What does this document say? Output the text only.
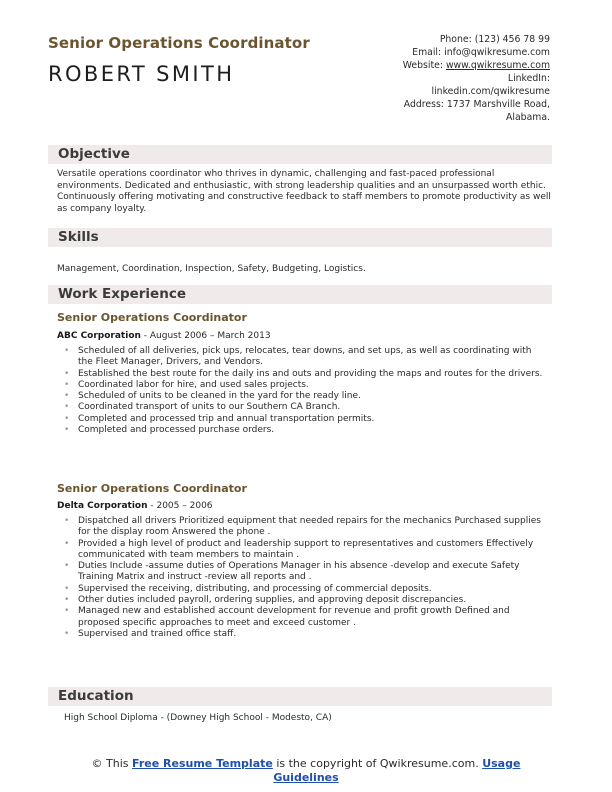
Senior Operations Coordinator
ROBERT SMITH
Phone: (123) 456 78 99
Email: info@qwikresume.com
Website: www.qwikresume.com
LinkedIn:
linkedin.com/qwikresume
Address: 1737 Marshville Road,
Alabama.
Objective
Versatile operations coordinator who thrives in dynamic, challenging and fast-paced professional environments. Dedicated and enthusiastic, with strong leadership qualities and an unsurpassed worth ethic. Continuously offering motivating and constructive feedback to staff members to promote productivity as well as company loyalty.
Skills
Management, Coordination, Inspection, Safety, Budgeting, Logistics.
Work Experience
Senior Operations Coordinator
ABC Corporation - August 2006 – March 2013
• Scheduled of all deliveries, pick ups, relocates, tear downs, and set ups, as well as coordinating with the Fleet Manager, Drivers, and Vendors.
• Established the best route for the daily ins and outs and providing the maps and routes for the drivers.
• Coordinated labor for hire, and used sales projects.
• Scheduled of units to be cleaned in the yard for the ready line.
• Coordinated transport of units to our Southern CA Branch.
• Completed and processed trip and annual transportation permits.
• Completed and processed purchase orders.
Senior Operations Coordinator
Delta Corporation - 2005 – 2006
• Dispatched all drivers Prioritized equipment that needed repairs for the mechanics Purchased supplies for the display room Answered the phone .
• Provided a high level of product and leadership support to representatives and customers Effectively communicated with team members to maintain .
• Duties Include -assume duties of Operations Manager in his absence -develop and execute Safety Training Matrix and instruct -review all reports and .
• Supervised the receiving, distributing, and processing of commercial deposits.
• Other duties included payroll, ordering supplies, and approving deposit discrepancies.
• Managed new and established account development for revenue and profit growth Defined and proposed specific approaches to meet and exceed customer .
• Supervised and trained office staff.
Education
High School Diploma - (Downey High School - Modesto, CA)
© This Free Resume Template is the copyright of Qwikresume.com. Usage Guidelines
